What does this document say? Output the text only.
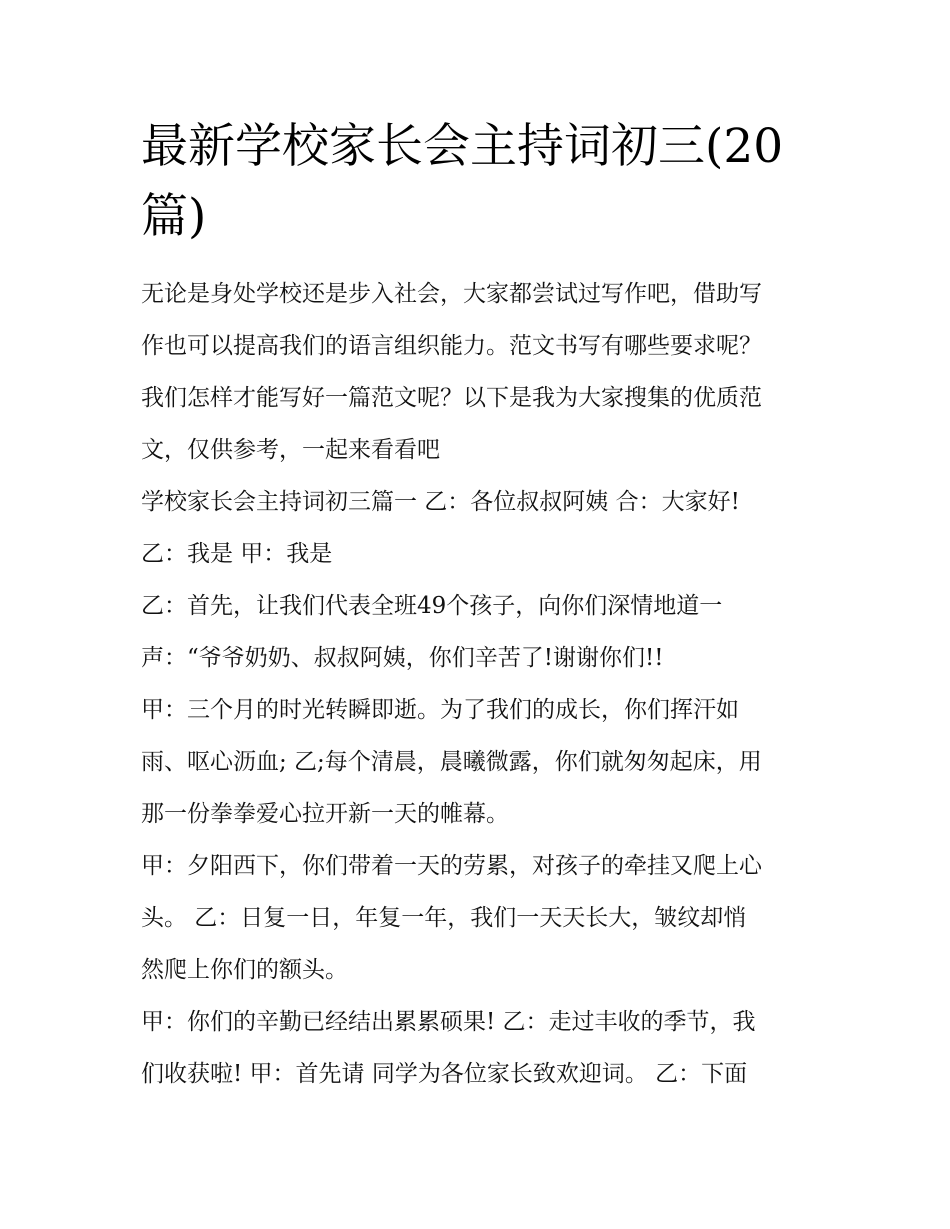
最新学校家长会主持词初三(20
篇)

无论是身处学校还是步入社会，大家都尝试过写作吧，借助写
作也可以提高我们的语言组织能力。范文书写有哪些要求呢？
我们怎样才能写好一篇范文呢？以下是我为大家搜集的优质范
文，仅供参考，一起来看看吧

学校家长会主持词初三篇一 乙：各位叔叔阿姨 合：大家好!

乙：我是 甲：我是

乙：首先，让我们代表全班49个孩子，向你们深情地道一
声：“爷爷奶奶、叔叔阿姨，你们辛苦了!谢谢你们!!

甲：三个月的时光转瞬即逝。为了我们的成长，你们挥汗如
雨、呕心沥血; 乙;每个清晨，晨曦微露，你们就匆匆起床，用
那一份拳拳爱心拉开新一天的帷幕。

甲：夕阳西下，你们带着一天的劳累，对孩子的牵挂又爬上心
头。 乙：日复一日，年复一年，我们一天天长大，皱纹却悄
然爬上你们的额头。

甲：你们的辛勤已经结出累累硕果! 乙：走过丰收的季节，我
们收获啦! 甲：首先请 同学为各位家长致欢迎词。 乙：下面
